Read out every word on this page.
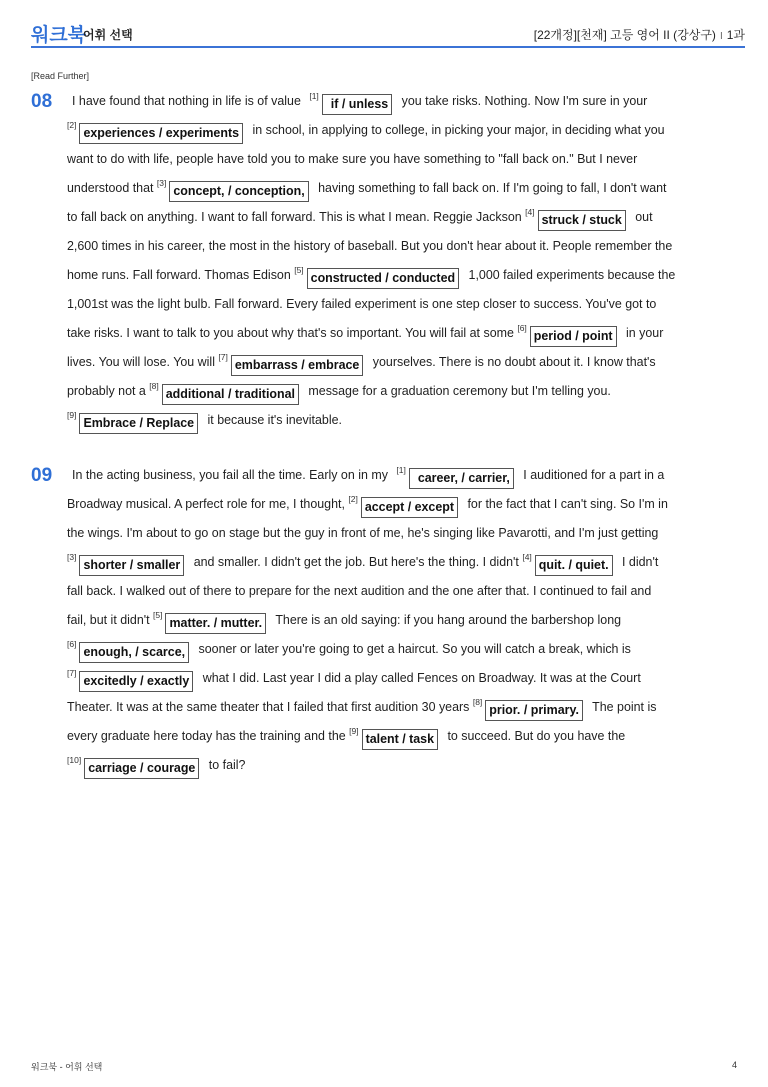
워크북
어휘 선택	[22개정][천재] 고등 영어 II (강상구) I 1과
[Read Further]
08	I have found that nothing in life is of value [1]if / unless you take risks. Nothing. Now I'm sure in your
[2]experiences / experiments in school, in applying to college, in picking your major, in deciding what you
want to do with life, people have told you to make sure you have something to "fall back on." But I never
understood that [3]concept, / conception, having something to fall back on. If I'm going to fall, I don't want
to fall back on anything. I want to fall forward. This is what I mean. Reggie Jackson [4]struck / stuck out
2,600 times in his career, the most in the history of baseball. But you don't hear about it. People remember the
home runs. Fall forward. Thomas Edison [5]constructed / conducted 1,000 failed experiments because the
1,001st was the light bulb. Fall forward. Every failed experiment is one step closer to success. You've got to
take risks. I want to talk to you about why that's so important. You will fail at some [6]period / point in your
lives. You will lose. You will [7]embarrass / embrace yourselves. There is no doubt about it. I know that's
probably not a [8]additional / traditional message for a graduation ceremony but I'm telling you.
[9]Embrace / Replace it because it's inevitable.
09	In the acting business, you fail all the time. Early on in my [1]career, / carrier, I auditioned for a part in a
Broadway musical. A perfect role for me, I thought, [2]accept / except for the fact that I can't sing. So I'm in
the wings. I'm about to go on stage but the guy in front of me, he's singing like Pavarotti, and I'm just getting
[3]shorter / smaller and smaller. I didn't get the job. But here's the thing. I didn't [4]quit. / quiet. I didn't
fall back. I walked out of there to prepare for the next audition and the one after that. I continued to fail and
fail, but it didn't [5]matter. / mutter. There is an old saying: if you hang around the barbershop long
[6]enough, / scarce, sooner or later you're going to get a haircut. So you will catch a break, which is
[7]excitedly / exactly what I did. Last year I did a play called Fences on Broadway. It was at the Court
Theater. It was at the same theater that I failed that first audition 30 years [8]prior. / primary. The point is
every graduate here today has the training and the [9]talent / task to succeed. But do you have the
[10]carriage / courage to fail?
워크북 - 어휘 선택	4
